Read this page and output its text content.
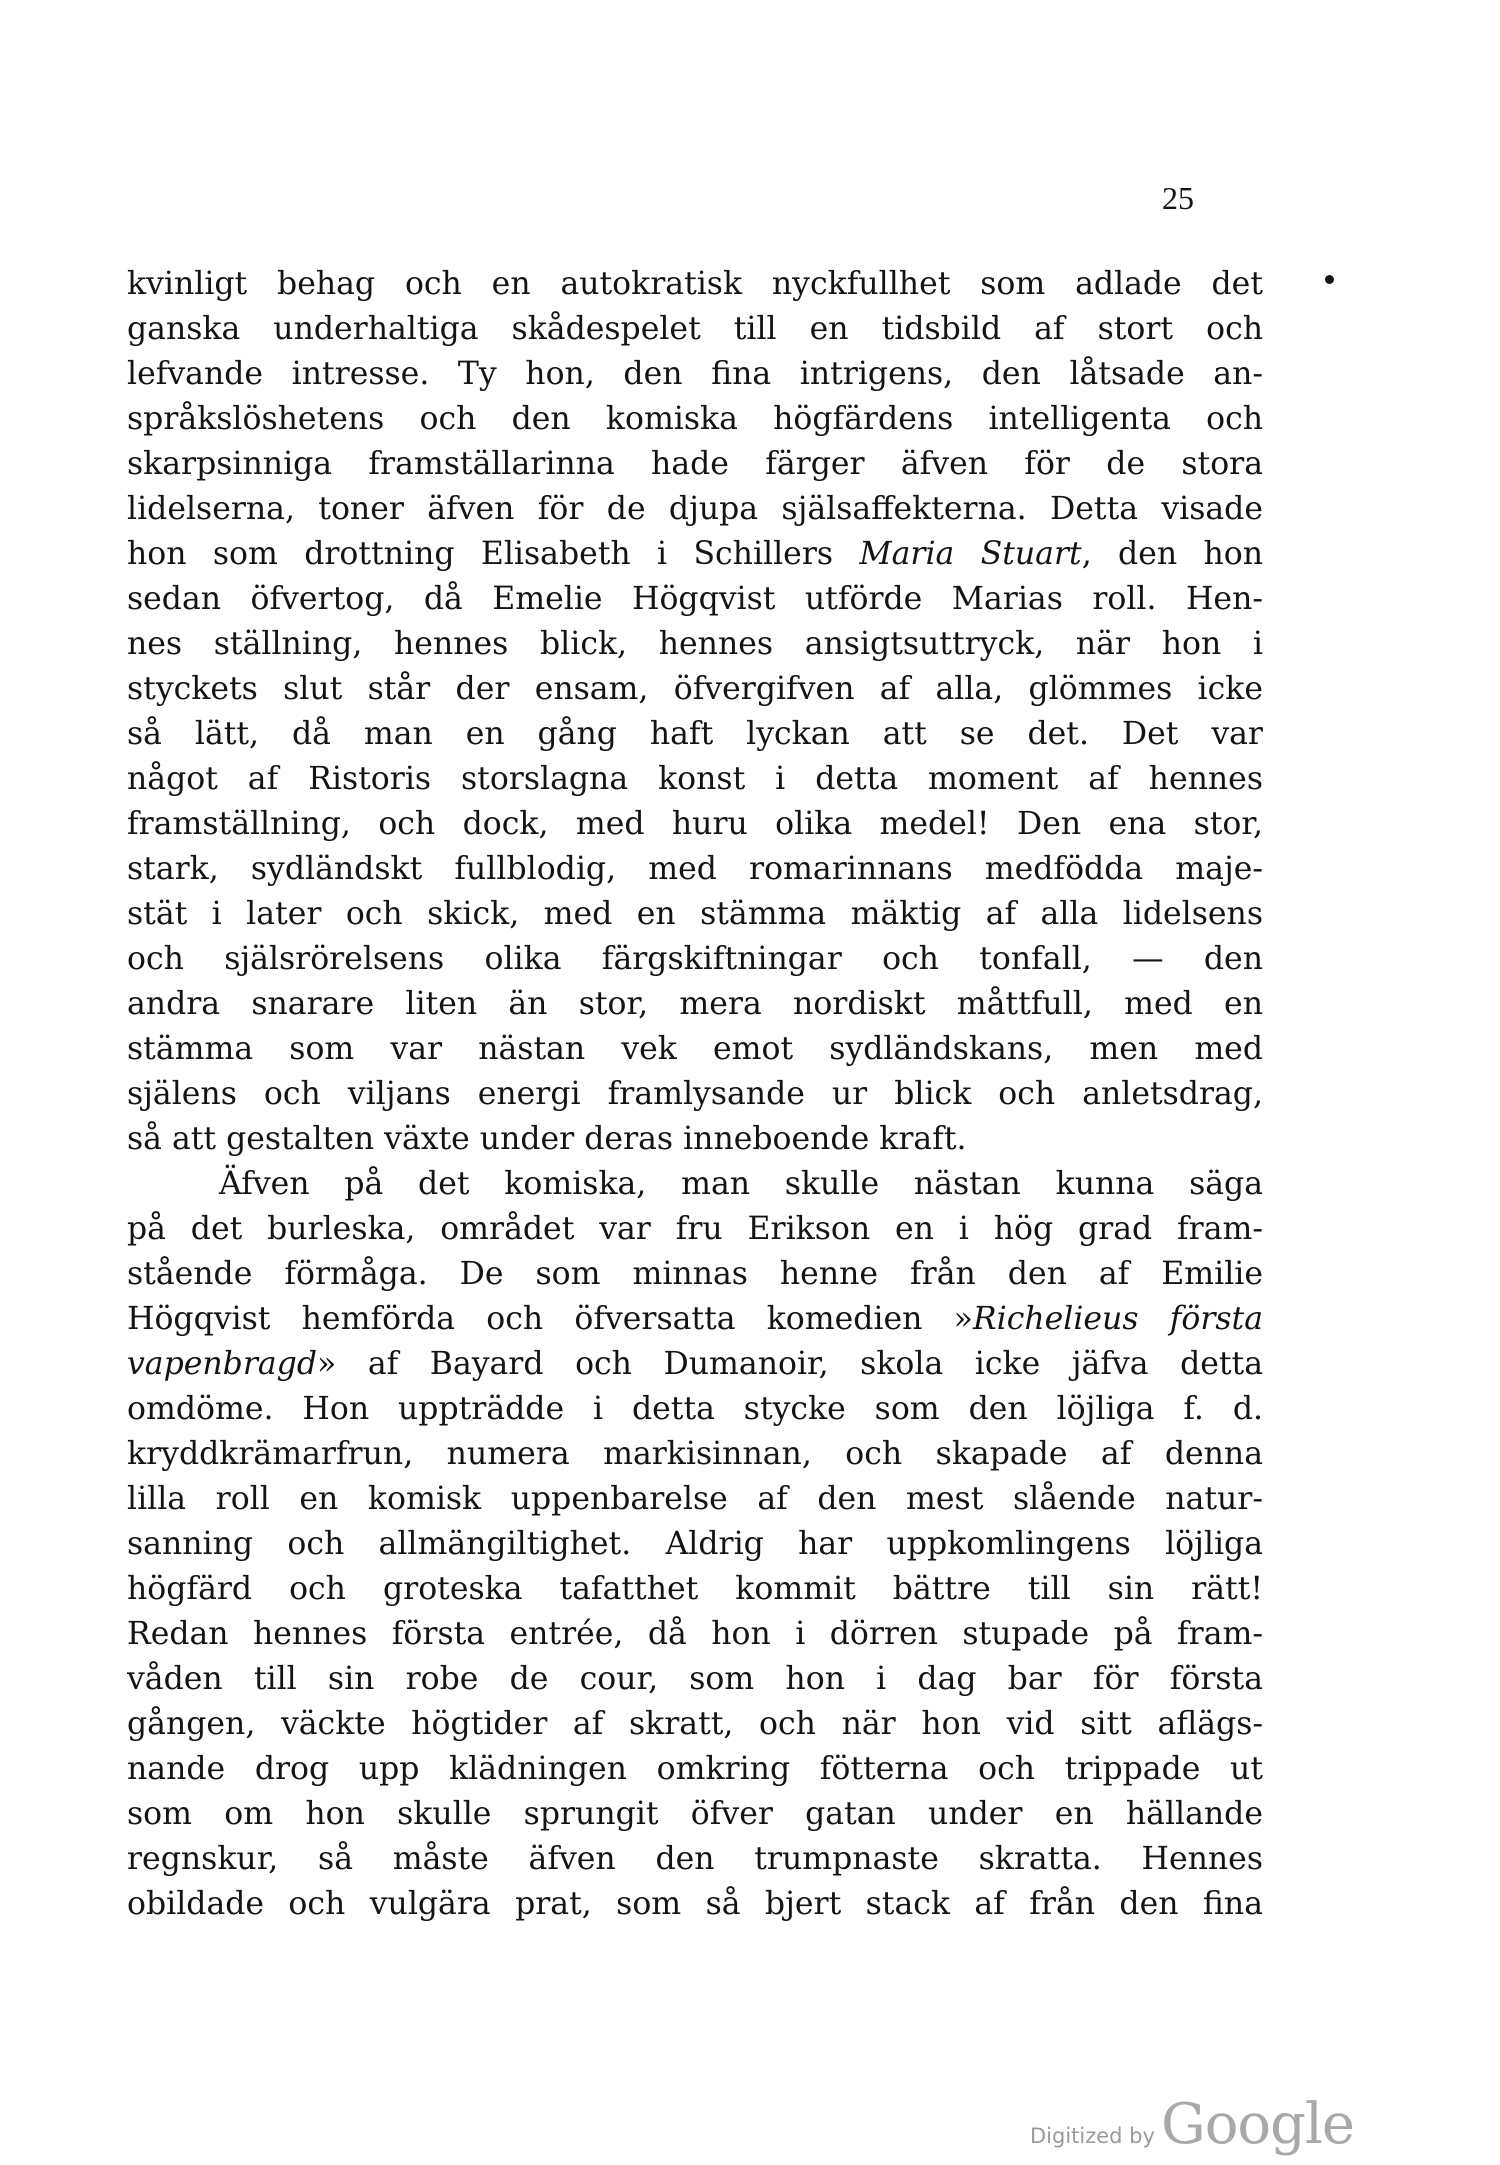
25
kvinligt behag och en autokratisk nyckfullhet som adlade det
ganska underhaltiga skådespelet till en tidsbild af stort och
lefvande intresse. Ty hon, den fina intrigens, den låtsade an-
språkslöshetens och den komiska högfärdens intelligenta och
skarpsinniga framställarinna hade färger äfven för de stora
lidelserna, toner äfven för de djupa själsaffekterna. Detta visade
hon som drottning Elisabeth i Schillers Maria Stuart, den hon
sedan öfvertog, då Emelie Högqvist utförde Marias roll. Hen-
nes ställning, hennes blick, hennes ansigtsuttryck, när hon i
styckets slut står der ensam, öfvergifven af alla, glömmes icke
så lätt, då man en gång haft lyckan att se det. Det var
något af Ristoris storslagna konst i detta moment af hennes
framställning, och dock, med huru olika medel! Den ena stor,
stark, sydländskt fullblodig, med romarinnans medfödda maje-
stät i later och skick, med en stämma mäktig af alla lidelsens
och själsrörelsens olika färgskiftningar och tonfall, — den
andra snarare liten än stor, mera nordiskt måttfull, med en
stämma som var nästan vek emot sydländskans, men med
själens och viljans energi framlysande ur blick och anletsdrag,
så att gestalten växte under deras inneboende kraft.
Äfven på det komiska, man skulle nästan kunna säga
på det burleska, området var fru Erikson en i hög grad fram-
stående förmåga. De som minnas henne från den af Emilie
Högqvist hemförda och öfversatta komedien »Richelieus första
vapenbragd» af Bayard och Dumanoir, skola icke jäfva detta
omdöme. Hon uppträdde i detta stycke som den löjliga f. d.
kryddkrämarfrun, numera markisinnan, och skapade af denna
lilla roll en komisk uppenbarelse af den mest slående natur-
sanning och allmängiltighet. Aldrig har uppkomlingens löjliga
högfärd och groteska tafatthet kommit bättre till sin rätt!
Redan hennes första entrée, då hon i dörren stupade på fram-
våden till sin robe de cour, som hon i dag bar för första
gången, väckte högtider af skratt, och när hon vid sitt aflägs-
nande drog upp klädningen omkring fötterna och trippade ut
som om hon skulle sprungit öfver gatan under en hällande
regnskur, så måste äfven den trumpnaste skratta. Hennes
obildade och vulgära prat, som så bjert stack af från den fina
Digitized by Google
